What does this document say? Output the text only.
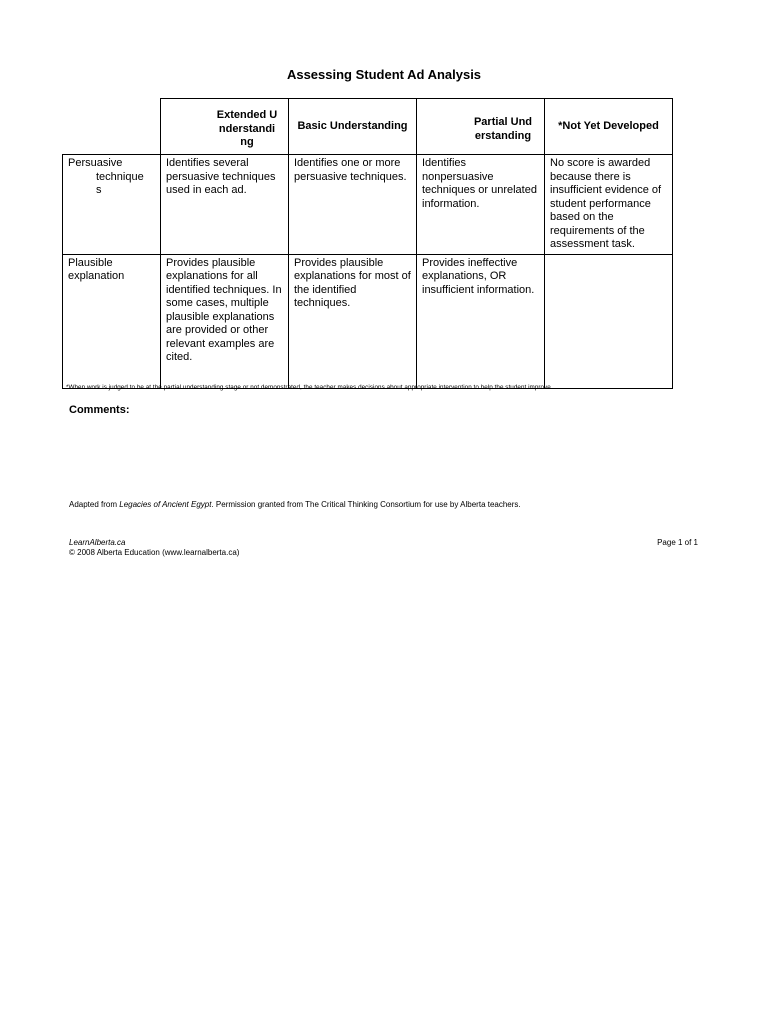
Assessing Student Ad Analysis

	Extended Understanding	Basic Understanding	Partial Understanding	*Not Yet Developed

Persuasive
technique
s	Identifies several persuasive techniques used in each ad.	Identifies one or more persuasive techniques.	Identifies nonpersuasive techniques or unrelated information.	No score is awarded because there is insufficient evidence of student performance based on the requirements of the assessment task.

Plausible
explanation	Provides plausible explanations for all identified techniques. In some cases, multiple plausible explanations are provided or other relevant examples are cited.	Provides plausible explanations for most of the identified techniques.	Provides ineffective explanations, OR insufficient information.	
*When work is judged to be at the partial understanding stage or not demonstrated, the teacher makes decisions about appropriate intervention to help the student improve.
Comments:
Adapted from Legacies of Ancient Egypt. Permission granted from The Critical Thinking Consortium for use by Alberta teachers.
LearnAlberta.ca
© 2008 Alberta Education (www.learnalberta.ca)
Page 1 of 1
